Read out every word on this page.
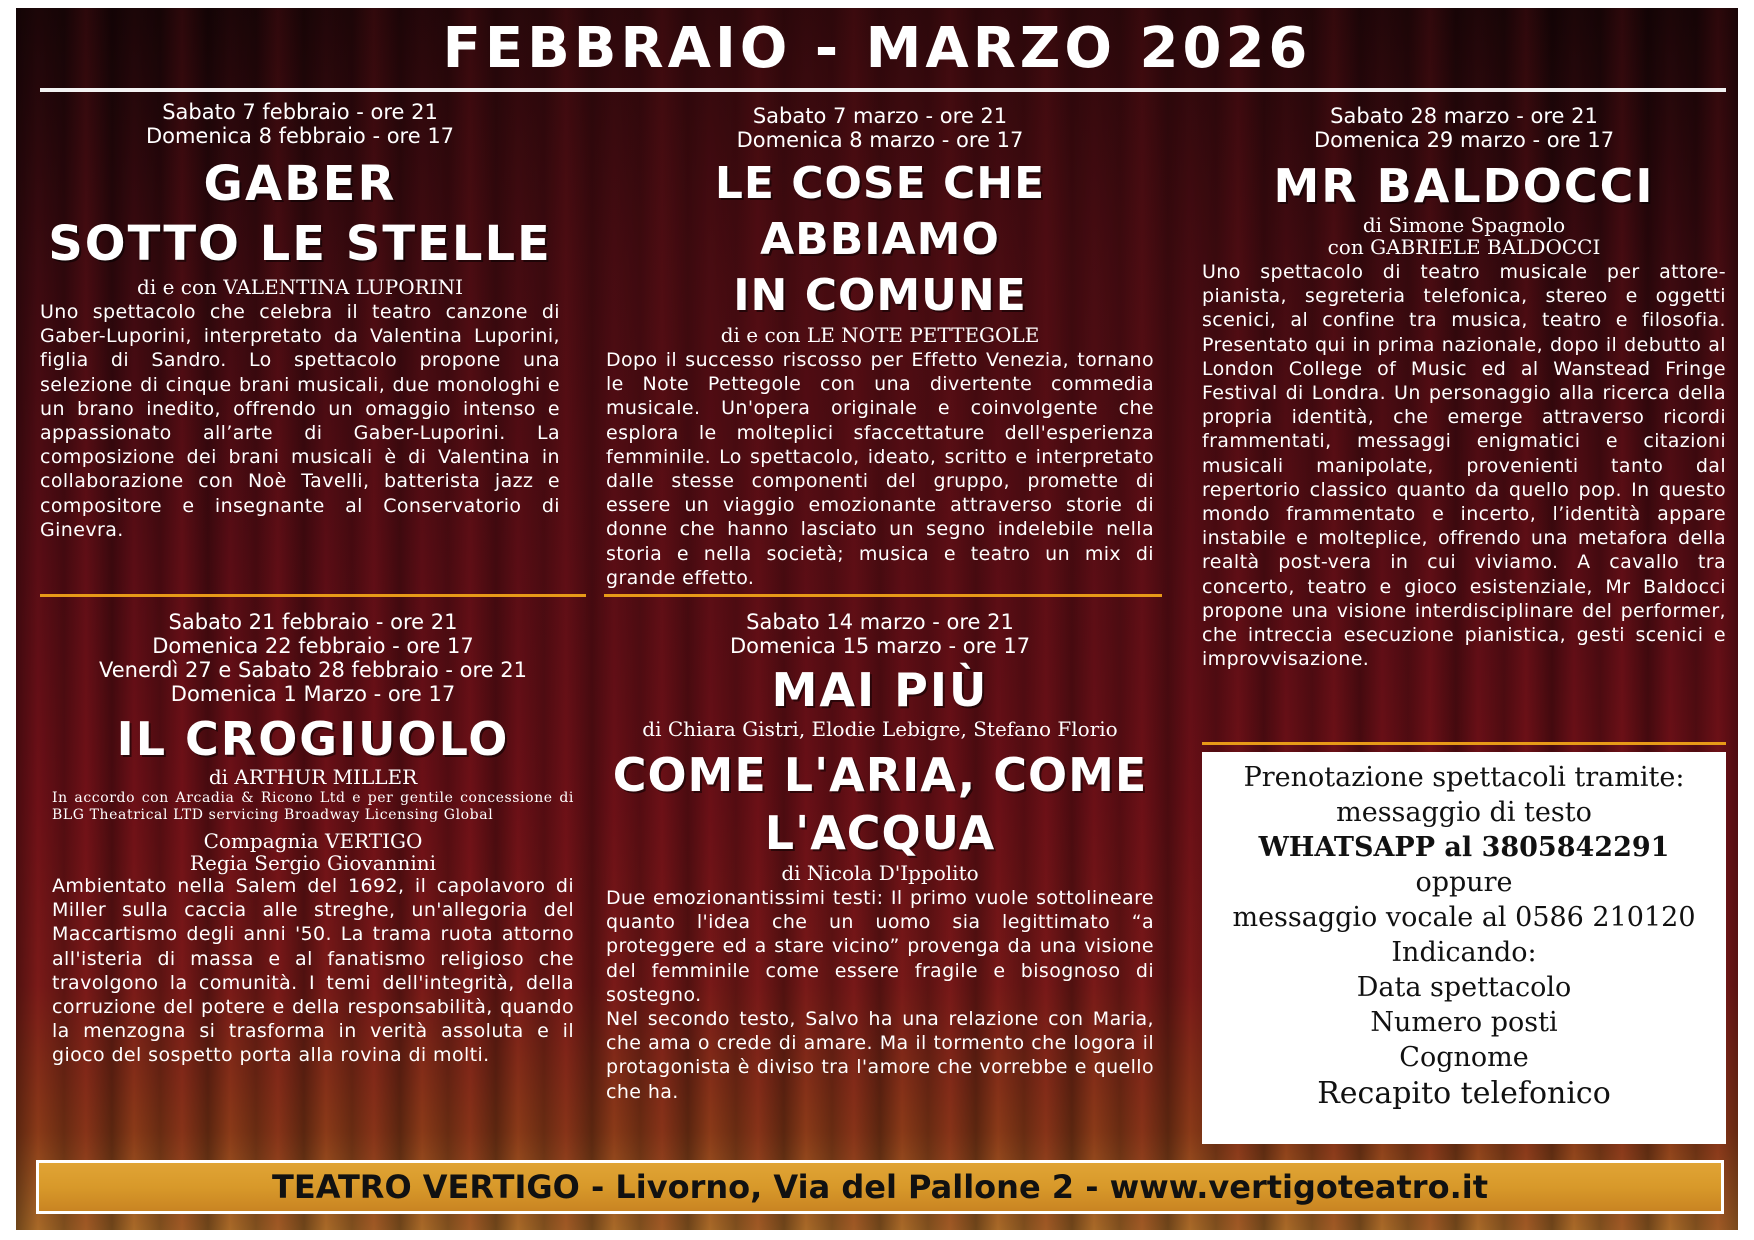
FEBBRAIO - MARZO 2026
Sabato 7 febbraio - ore 21
Domenica 8 febbraio - ore 17
GABER
SOTTO LE STELLE
di e con VALENTINA LUPORINI
Uno spettacolo che celebra il teatro canzone di Gaber-Luporini, interpretato da Valentina Luporini, figlia di Sandro. Lo spettacolo propone una selezione di cinque brani musicali, due monologhi e un brano inedito, offrendo un omaggio intenso e appassionato all’arte di Gaber-Luporini. La composizione dei brani musicali è di Valentina in collaborazione con Noè Tavelli, batterista jazz e compositore e insegnante al Conservatorio di Ginevra.
Sabato 21 febbraio - ore 21
Domenica 22 febbraio - ore 17
Venerdì 27 e Sabato 28 febbraio - ore 21
Domenica 1 Marzo - ore 17
IL CROGIUOLO
di ARTHUR MILLER
In accordo con Arcadia & Ricono Ltd e per gentile concessione di BLG Theatrical LTD servicing Broadway Licensing Global
Compagnia VERTIGO
Regia Sergio Giovannini
Ambientato nella Salem del 1692, il capolavoro di Miller sulla caccia alle streghe, un'allegoria del Maccartismo degli anni '50. La trama ruota attorno all'isteria di massa e al fanatismo religioso che travolgono la comunità. I temi dell'integrità, della corruzione del potere e della responsabilità, quando la menzogna si trasforma in verità assoluta e il gioco del sospetto porta alla rovina di molti.
Sabato 7 marzo - ore 21
Domenica 8 marzo - ore 17
LE COSE CHE ABBIAMO
IN COMUNE
di e con LE NOTE PETTEGOLE
Dopo il successo riscosso per Effetto Venezia, tornano le Note Pettegole con una divertente commedia musicale. Un'opera originale e coinvolgente che esplora le molteplici sfaccettature dell'esperienza femminile. Lo spettacolo, ideato, scritto e interpretato dalle stesse componenti del gruppo, promette di essere un viaggio emozionante attraverso storie di donne che hanno lasciato un segno indelebile nella storia e nella società; musica e teatro un mix di grande effetto.
Sabato 14 marzo - ore 21
Domenica 15 marzo - ore 17
MAI PIÙ
di Chiara Gistri, Elodie Lebigre, Stefano Florio
COME L'ARIA, COME
L'ACQUA
di Nicola D'Ippolito
Due emozionantissimi testi: Il primo vuole sottolineare quanto l'idea che un uomo sia legittimato “a proteggere ed a stare vicino” provenga da una visione del femminile come essere fragile e bisognoso di sostegno.
Nel secondo testo, Salvo ha una relazione con Maria, che ama o crede di amare. Ma il tormento che logora il protagonista è diviso tra l'amore che vorrebbe e quello che ha.
Sabato 28 marzo - ore 21
Domenica 29 marzo - ore 17
MR BALDOCCI
di Simone Spagnolo
con GABRIELE BALDOCCI
Uno spettacolo di teatro musicale per attore-pianista, segreteria telefonica, stereo e oggetti scenici, al confine tra musica, teatro e filosofia. Presentato qui in prima nazionale, dopo il debutto al London College of Music ed al Wanstead Fringe Festival di Londra. Un personaggio alla ricerca della propria identità, che emerge attraverso ricordi frammentati, messaggi enigmatici e citazioni musicali manipolate, provenienti tanto dal repertorio classico quanto da quello pop. In questo mondo frammentato e incerto, l’identità appare instabile e molteplice, offrendo una metafora della realtà post-vera in cui viviamo. A cavallo tra concerto, teatro e gioco esistenziale, Mr Baldocci propone una visione interdisciplinare del performer, che intreccia esecuzione pianistica, gesti scenici e improvvisazione.
Prenotazione spettacoli tramite:
messaggio di testo
WHATSAPP al 3805842291
oppure
messaggio vocale al 0586 210120
Indicando:
Data spettacolo
Numero posti
Cognome
Recapito telefonico
TEATRO VERTIGO - Livorno, Via del Pallone 2 - www.vertigoteatro.it
